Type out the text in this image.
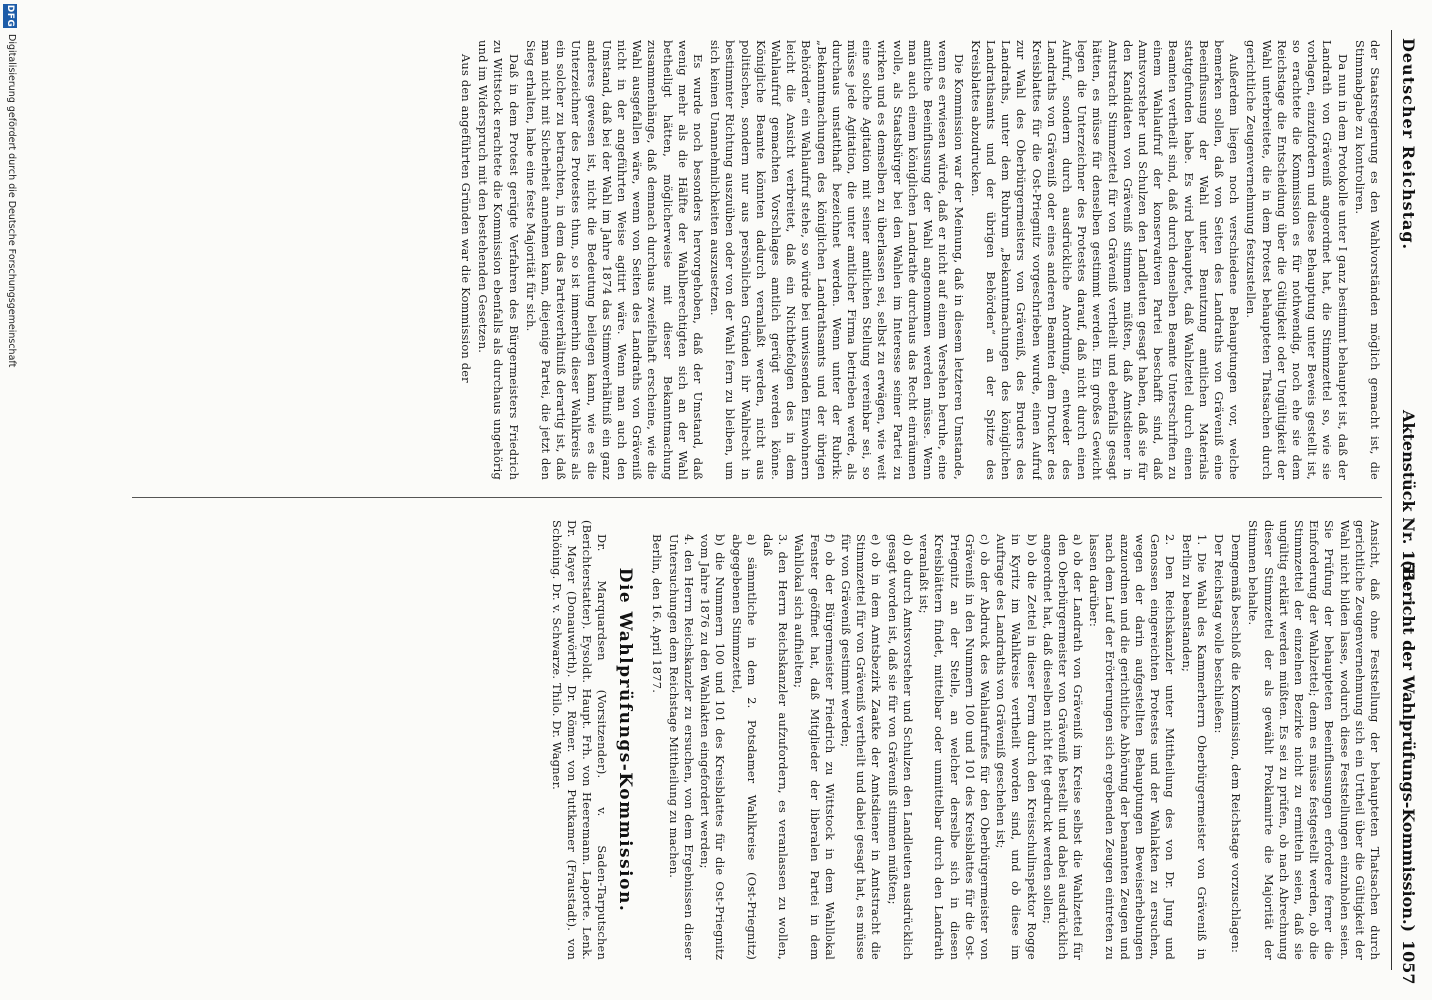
Deutscher Reichstag.
Aktenstück Nr. 151.
(Bericht der Wahlprüfungs-Kommission.)
1057

der Staatsregierung es den Wahlvorständen möglich gemacht ist, die Stimmabgabe zu kontroliren.

Da nun in dem Protokolle unter I ganz bestimmt behauptet ist, daß der Landrath von Gräveniß angeordnet hat, die Stimmzettel so, wie sie vorlagen, einzufordern und diese Behauptung unter Beweis gestellt ist, so erachtete die Kommission es für nothwendig, noch ehe sie dem Reichstage die Entscheidung über die Gültigkeit oder Ungültigkeit der Wahl unterbreitete, die in dem Protest behaupteten Thatsachen durch gerichtliche Zeugenvernehmung festzustellen.

Außerdem liegen noch verschiedene Behauptungen vor, welche bemerken sollen, daß von Seiten des Landraths von Gräveniß eine Beeinflussung der Wahl unter Benutzung amtlichen Materials stattgefunden habe. Es wird behauptet, daß Wahlzettel durch einen Beamten vertheilt sind, daß durch denselben Beamte Unterschriften zu einem Wahlaufruf der konservativen Partei beschafft sind, daß Amtsvorsteher und Schulzen den Landleuten gesagt haben, daß sie für den Kandidaten von Gräveniß stimmen müßten, daß Amtsdiener in Amtstracht Stimmzettel für von Gräveniß vertheilt und ebenfalls gesagt hätten, es müsse für denselben gestimmt werden. Ein großes Gewicht legen die Unterzeichner des Protestes darauf, daß nicht durch einen Aufruf, sondern durch ausdrückliche Anordnung, entweder des Landraths von Gräveniß oder eines anderen Beamten dem Drucker des Kreisblattes für die Ost-Priegnitz vorgeschrieben wurde, einen Aufruf zur Wahl des Oberbürgermeisters von Gräveniß, des Bruders des Landraths, unter dem Rubrum „Bekanntmachungen des königlichen Landrathsamts und der übrigen Behörden“ an der Spitze des Kreisblattes abzudrucken.

Die Kommission war der Meinung, daß in diesem letzteren Umstande, wenn es erwiesen würde, daß er nicht auf einem Versehen beruhe, eine amtliche Beeinflussung der Wahl angenommen werden müsse. Wenn man auch einem königlichen Landrathe durchaus das Recht einräumen wolle, als Staatsbürger bei den Wahlen im Interesse seiner Partei zu wirken und es demselben zu überlassen sei, selbst zu erwägen, wie weit eine solche Agitation mit seiner amtlichen Stellung vereinbar sei, so müsse jede Agitation, die unter amtlicher Firma betrieben werde, als durchaus unstatthaft bezeichnet werden. Wenn unter der Rubrik: „Bekanntmachungen des königlichen Landrathsamts und der übrigen Behörden“ ein Wahlaufruf stehe, so würde bei unwissenden Einwohnern leicht die Ansicht verbreitet, daß ein Nichtbefolgen des in dem Wahlaufruf gemachten Vorschlages amtlich gerügt werden könne. Königliche Beamte könnten dadurch veranlaßt werden, nicht aus politischen, sondern nur aus persönlichen Gründen ihr Wahlrecht in bestimmter Richtung auszuüben oder von der Wahl fern zu bleiben, um sich keinen Unannehmlichkeiten auszusetzen.

Es wurde noch besonders hervorgehoben, daß der Umstand, daß wenig mehr als die Hälfte der Wahlberechtigten sich an der Wahl betheiligt hätten, möglicherweise mit dieser Bekanntmachung zusammenhänge, daß demnach durchaus zweifelhaft erscheine, wie die Wahl ausgefallen wäre, wenn von Seiten des Landraths von Gräveniß nicht in der angeführten Weise agitirt wäre. Wenn man auch den Umstand, daß bei der Wahl im Jahre 1874 das Stimmverhältniß ein ganz anderes gewesen ist, nicht die Bedeutung beilegen kann, wie es die Unterzeichner des Protestes thun, so ist immerhin dieser Wahlkreis als ein solcher zu betrachten, in dem das Parteiverhältniß derartig ist, daß man nicht mit Sicherheit annehmen kann, diejenige Partei, die jetzt den Sieg erhalten, habe eine feste Majorität für sich.

Daß in dem Protest gerügte Verfahren des Bürgermeisters Friedrich zu Wittstock erachtete die Kommission ebenfalls als durchaus ungehörig und im Widerspruch mit den bestehenden Gesetzen.

Aus den angeführten Gründen war die Kommission der

Ansicht, daß ohne Feststellung der behaupteten Thatsachen durch gerichtliche Zeugenvernehmung sich ein Urtheil über die Gültigkeit der Wahl nicht bilden lasse, wodurch diese Feststellungen einzuholen seien. Sie Prüfung der behaupteten Beeinflussungen erfordere ferner die Einforderung der Wahlzettel; denn es müsse festgestellt werden, ob die Stimmzettel der einzelnen Bezirke nicht zu ermitteln seien, daß sie ungültig erklärt werden müßten. Es sei zu prüfen, ob nach Abrechnung dieser Stimmzettel der als gewählt Proklamirte die Majorität der Stimmen behalte.

Demgemäß beschloß die Kommission, dem Reichstage vorzuschlagen:

Der Reichstag wolle beschließen:

1. Die Wahl des Kammerherrn Oberbürgermeister von Gräveniß in Berlin zu beanstanden;
2. Den Reichskanzler unter Mittheilung des von Dr. Jung und Genossen eingereichten Protestes und der Wahlakten zu ersuchen, wegen der darin aufgestellten Behauptungen Beweiserhebungen anzuordnen und die gerichtliche Abhörung der benannten Zeugen und nach dem Lauf der Erörterungen sich ergebenden Zeugen eintreten zu lassen darüber:
a) ob der Landrath von Gräveniß im Kreise selbst die Wahlzettel für den Oberbürgermeister von Gräveniß bestellt und dabei ausdrücklich angeordnet hat, daß dieselben nicht fett gedruckt werden sollen;
b) ob die Zettel in dieser Form durch den Kreisschulinspektor Rogge in Kyritz im Wahlkreise vertheilt worden sind, und ob diese im Auftrage des Landraths von Gräveniß geschehen ist;
c) ob der Abdruck des Wahlaufrufes für den Oberbürgermeister von Gräveniß in den Nummern 100 und 101 des Kreisblattes für die Ost-Priegnitz an der Stelle, an welcher derselbe sich in diesen Kreisblättern findet, mittelbar oder unmittelbar durch den Landrath veranlaßt ist;
d) ob durch Amtsvorsteher und Schulzen den Landleuten ausdrücklich gesagt worden ist, daß sie für von Gräveniß stimmen müßten;
e) ob in dem Amtsbezirk Zaatke der Amtsdiener in Amtstracht die Stimmzettel für von Gräveniß vertheilt und dabei gesagt hat, es müsse für von Gräveniß gestimmt werden;
f) ob der Bürgermeister Friedrich zu Wittstock in dem Wahllokal Fenster geöffnet hat, daß Mitglieder der liberalen Partei in dem Wahllokal sich aufhielten;
3. den Herrn Reichskanzler aufzufordern, es veranlassen zu wollen, daß
a) sämmtliche in dem 2. Potsdamer Wahlkreise (Ost-Priegnitz) abgegebenen Stimmzettel,
b) die Nummern 100 und 101 des Kreisblattes für die Ost-Priegnitz vom Jahre 1876 zu den Wahlakten eingefordert werden;
4. den Herrn Reichskanzler zu ersuchen, von dem Ergebnissen dieser Untersuchungen dem Reichstage Mittheilung zu machen.

Berlin, den 16. April 1877.

Die Wahlprüfungs-Kommission.

Dr. Marquardsen (Vorsitzender). v. Saden-Tarputschen (Berichterstatter). Eysoldt. Haupt. Frh. von Heeremann. Laporte. Lenk. Dr. Mayer (Donauwörth). Dr. Römer. von Puttkamer (Fraustadt). von Schöning. Dr. v. Schwarze. Thilo. Dr. Wagner.

DFG
Digitalisierung gefördert durch die Deutsche Forschungsgemeinschaft
